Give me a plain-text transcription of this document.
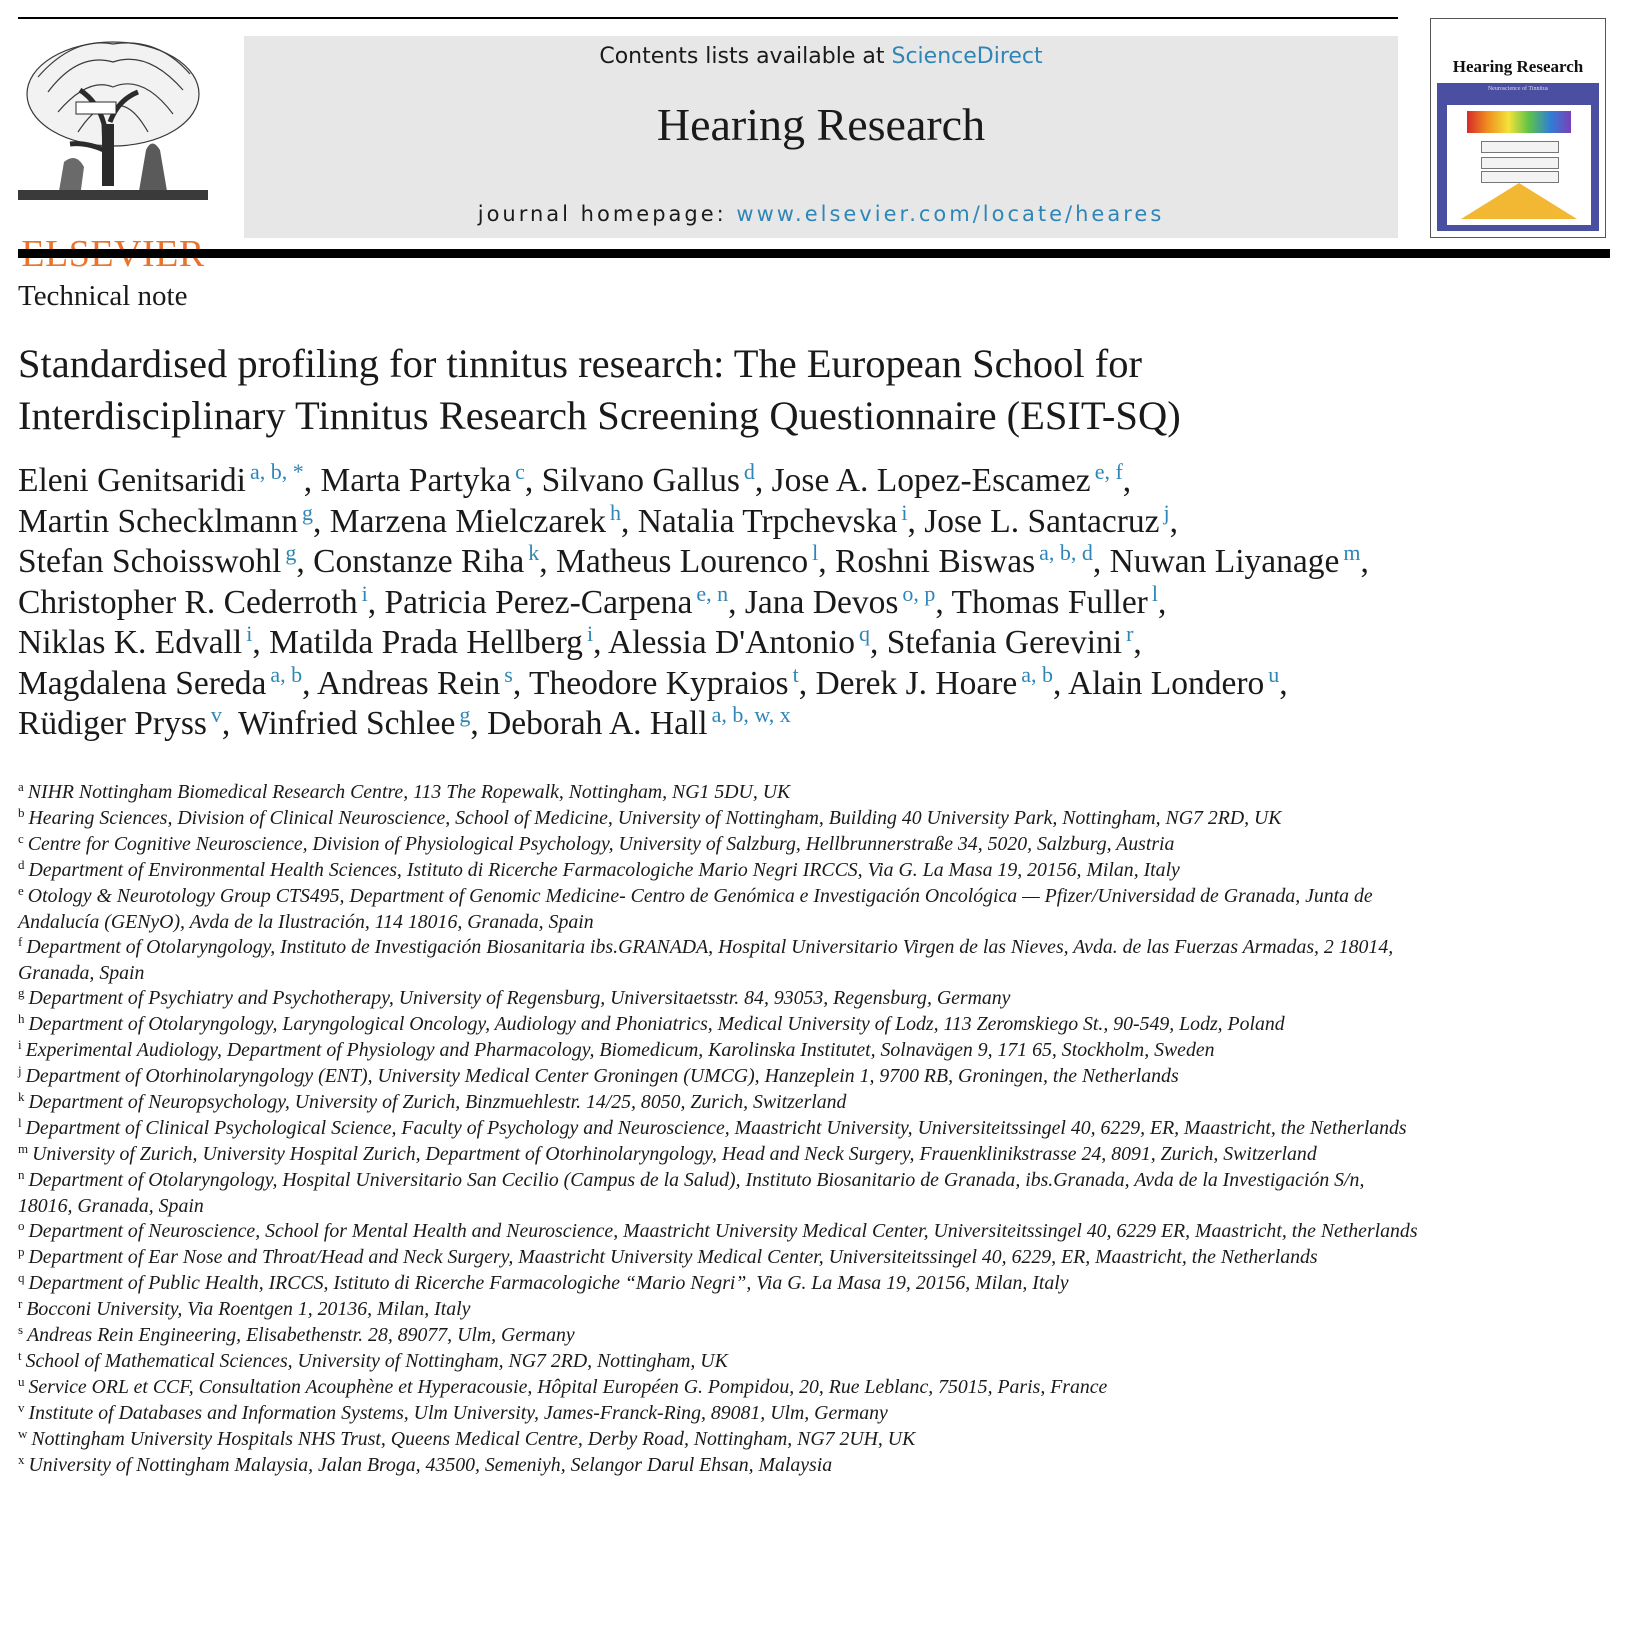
Contents lists available at ScienceDirect
Hearing Research
journal homepage: www.elsevier.com/locate/heares
Hearing Research
Neuroscience of Tinnitus
Technical note
Standardised profiling for tinnitus research: The European School for Interdisciplinary Tinnitus Research Screening Questionnaire (ESIT-SQ)
Eleni Genitsaridi $^{a, b, *}$, Marta Partyka $^c$, Silvano Gallus $^d$, Jose A. Lopez-Escamez $^{e, f}$, Martin Schecklmann $^g$, Marzena Mielczarek $^h$, Natalia Trpchevska $^i$, Jose L. Santacruz $^j$, Stefan Schoisswohl $^g$, Constanze Riha $^k$, Matheus Lourenco $^l$, Roshni Biswas $^{a, b, d}$, Nuwan Liyanage $^m$, Christopher R. Cederroth $^i$, Patricia Perez-Carpena $^{e, n}$, Jana Devos $^{o, p}$, Thomas Fuller $^l$, Niklas K. Edvall $^i$, Matilda Prada Hellberg $^i$, Alessia D'Antonio $^q$, Stefania Gerevini $^r$, Magdalena Sereda $^{a, b}$, Andreas Rein $^s$, Theodore Kypraios $^t$, Derek J. Hoare $^{a, b}$, Alain Londero $^u$, Rüdiger Pryss $^v$, Winfried Schlee $^g$, Deborah A. Hall $^{a, b, w, x}$

$^a$ NIHR Nottingham Biomedical Research Centre, 113 The Ropewalk, Nottingham, NG1 5DU, UK

$^b$ Hearing Sciences, Division of Clinical Neuroscience, School of Medicine, University of Nottingham, Building 40 University Park, Nottingham, NG7 2RD, UK

$^c$ Centre for Cognitive Neuroscience, Division of Physiological Psychology, University of Salzburg, Hellbrunnerstraße 34, 5020, Salzburg, Austria

$^d$ Department of Environmental Health Sciences, Istituto di Ricerche Farmacologiche Mario Negri IRCCS, Via G. La Masa 19, 20156, Milan, Italy

$^e$ Otology & Neurotology Group CTS495, Department of Genomic Medicine- Centro de Genómica e Investigación Oncológica — Pfizer/Universidad de Granada, Junta de Andalucía (GENyO), Avda de la Ilustración, 114 18016, Granada, Spain

$^f$ Department of Otolaryngology, Instituto de Investigación Biosanitaria ibs.GRANADA, Hospital Universitario Virgen de las Nieves, Avda. de las Fuerzas Armadas, 2 18014, Granada, Spain

$^g$ Department of Psychiatry and Psychotherapy, University of Regensburg, Universitaetsstr. 84, 93053, Regensburg, Germany

$^h$ Department of Otolaryngology, Laryngological Oncology, Audiology and Phoniatrics, Medical University of Lodz, 113 Zeromskiego St., 90-549, Lodz, Poland

$^i$ Experimental Audiology, Department of Physiology and Pharmacology, Biomedicum, Karolinska Institutet, Solnavägen 9, 171 65, Stockholm, Sweden

$^j$ Department of Otorhinolaryngology (ENT), University Medical Center Groningen (UMCG), Hanzeplein 1, 9700 RB, Groningen, the Netherlands

$^k$ Department of Neuropsychology, University of Zurich, Binzmuehlestr. 14/25, 8050, Zurich, Switzerland

$^l$ Department of Clinical Psychological Science, Faculty of Psychology and Neuroscience, Maastricht University, Universiteitssingel 40, 6229, ER, Maastricht, the Netherlands

$^m$ University of Zurich, University Hospital Zurich, Department of Otorhinolaryngology, Head and Neck Surgery, Frauenklinikstrasse 24, 8091, Zurich, Switzerland

$^n$ Department of Otolaryngology, Hospital Universitario San Cecilio (Campus de la Salud), Instituto Biosanitario de Granada, ibs.Granada, Avda de la Investigación S/n, 18016, Granada, Spain

$^o$ Department of Neuroscience, School for Mental Health and Neuroscience, Maastricht University Medical Center, Universiteitssingel 40, 6229 ER, Maastricht, the Netherlands

$^p$ Department of Ear Nose and Throat/Head and Neck Surgery, Maastricht University Medical Center, Universiteitssingel 40, 6229, ER, Maastricht, the Netherlands

$^q$ Department of Public Health, IRCCS, Istituto di Ricerche Farmacologiche “Mario Negri”, Via G. La Masa 19, 20156, Milan, Italy

$^r$ Bocconi University, Via Roentgen 1, 20136, Milan, Italy

$^s$ Andreas Rein Engineering, Elisabethenstr. 28, 89077, Ulm, Germany

$^t$ School of Mathematical Sciences, University of Nottingham, NG7 2RD, Nottingham, UK

$^u$ Service ORL et CCF, Consultation Acouphène et Hyperacousie, Hôpital Européen G. Pompidou, 20, Rue Leblanc, 75015, Paris, France

$^v$ Institute of Databases and Information Systems, Ulm University, James-Franck-Ring, 89081, Ulm, Germany

$^w$ Nottingham University Hospitals NHS Trust, Queens Medical Centre, Derby Road, Nottingham, NG7 2UH, UK

$^x$ University of Nottingham Malaysia, Jalan Broga, 43500, Semeniyh, Selangor Darul Ehsan, Malaysia
